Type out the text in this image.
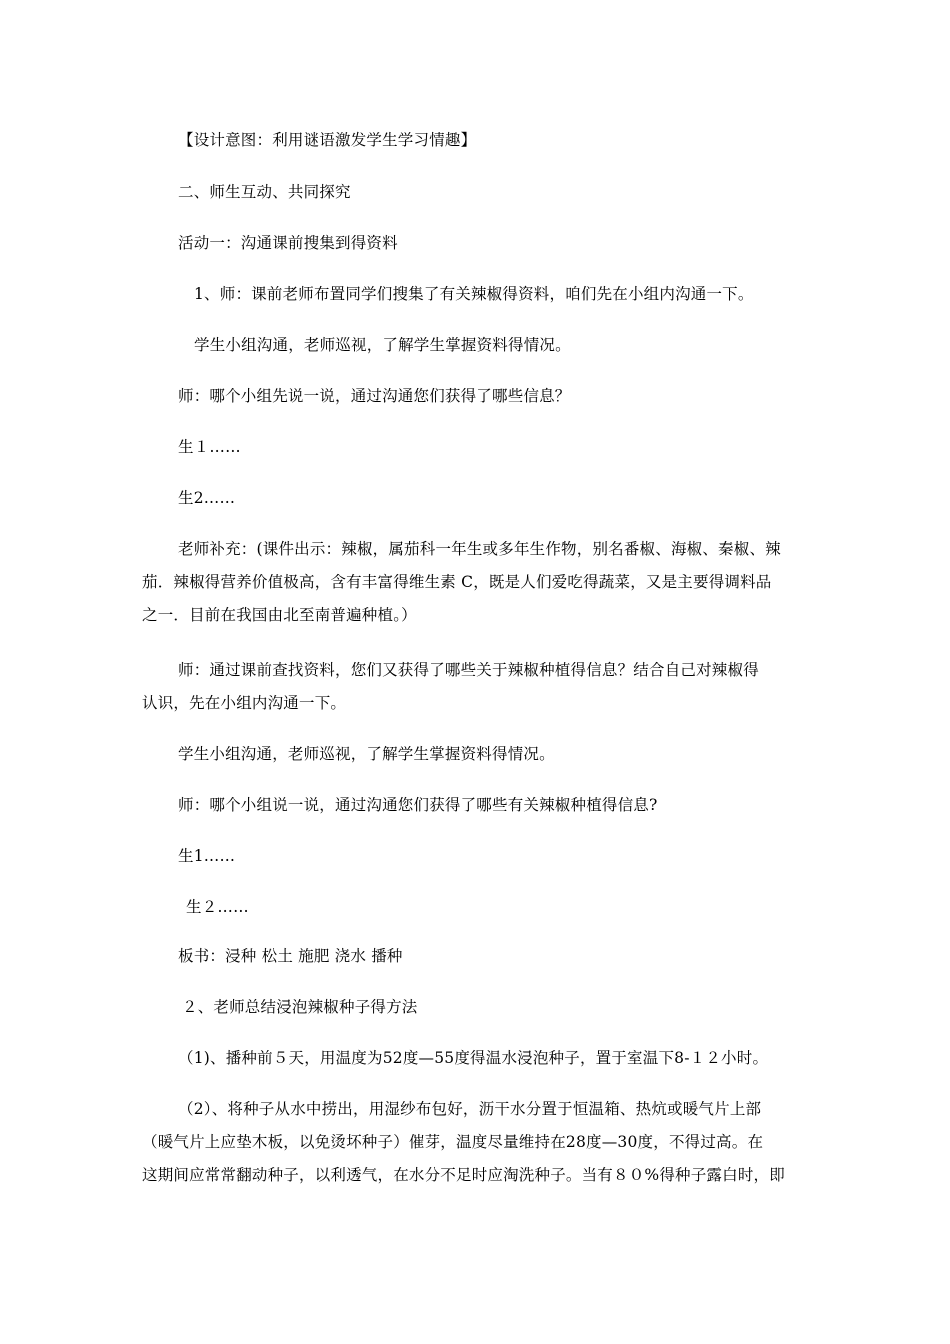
【设计意图：利用谜语激发学生学习情趣】
二、师生互动、共同探究
活动一：沟通课前搜集到得资料
1、师：课前老师布置同学们搜集了有关辣椒得资料，咱们先在小组内沟通一下。
学生小组沟通，老师巡视，了解学生掌握资料得情况。
师：哪个小组先说一说，通过沟通您们获得了哪些信息？
生１……
生2……
老师补充：(课件出示：辣椒，属茄科一年生或多年生作物，别名番椒、海椒、秦椒、辣
茄．辣椒得营养价值极高，含有丰富得维生素 C，既是人们爱吃得蔬菜，又是主要得调料品
之一．目前在我国由北至南普遍种植。）
师：通过课前查找资料，您们又获得了哪些关于辣椒种植得信息？结合自己对辣椒得
认识，先在小组内沟通一下。
学生小组沟通，老师巡视，了解学生掌握资料得情况。
师：哪个小组说一说，通过沟通您们获得了哪些有关辣椒种植得信息?
生1……
生２……
板书：浸种 松土 施肥 浇水 播种
２、老师总结浸泡辣椒种子得方法
（1)、播种前５天，用温度为52度—55度得温水浸泡种子，置于室温下8-１２小时。
（2）、将种子从水中捞出，用湿纱布包好，沥干水分置于恒温箱、热炕或暖气片上部
（暖气片上应垫木板，以免烫坏种子）催芽，温度尽量维持在28度—30度，不得过高。在
这期间应常常翻动种子，以利透气，在水分不足时应淘洗种子。当有８０%得种子露白时，即
